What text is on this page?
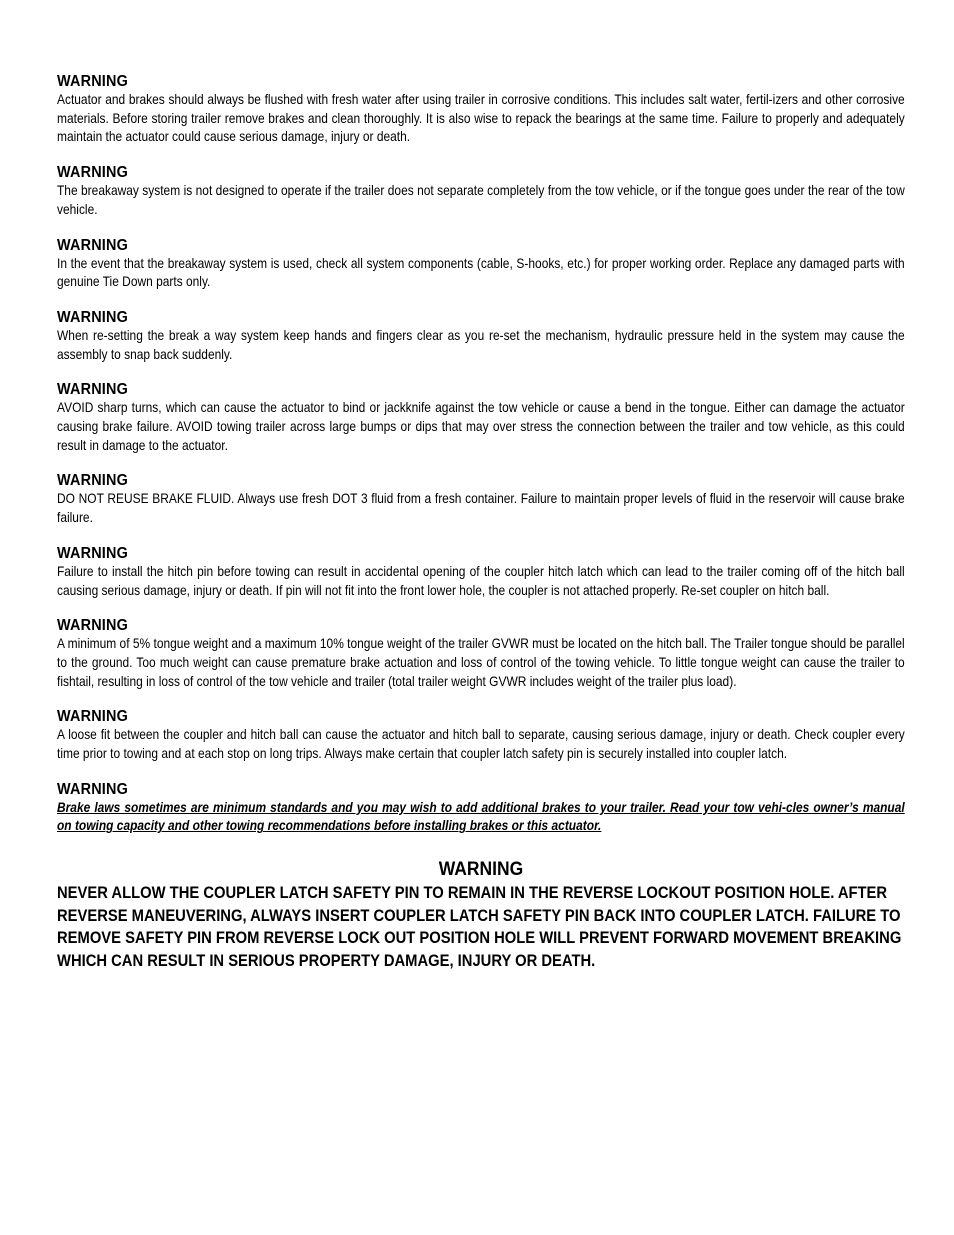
WARNING

Actuator and brakes should always be flushed with fresh water after using trailer in corrosive conditions. This includes salt water, fertil-izers and other corrosive materials. Before storing trailer remove brakes and clean thoroughly. It is also wise to repack the bearings at the same time. Failure to properly and adequately maintain the actuator could cause serious damage, injury or death.

WARNING

The breakaway system is not designed to operate if the trailer does not separate completely from the tow vehicle, or if the tongue goes under the rear of the tow vehicle.

WARNING

In the event that the breakaway system is used, check all system components (cable, S-hooks, etc.) for proper working order. Replace any damaged parts with genuine Tie Down parts only.

WARNING

When re-setting the break a way system keep hands and fingers clear as you re-set the mechanism, hydraulic pressure held in the system may cause the assembly to snap back suddenly.

WARNING

AVOID sharp turns, which can cause the actuator to bind or jackknife against the tow vehicle or cause a bend in the tongue. Either can damage the actuator causing brake failure. AVOID towing trailer across large bumps or dips that may over stress the connection between the trailer and tow vehicle, as this could result in damage to the actuator.

WARNING

DO NOT REUSE BRAKE FLUID. Always use fresh DOT 3 fluid from a fresh container. Failure to maintain proper levels of fluid in the reservoir will cause brake failure.

WARNING

Failure to install the hitch pin before towing can result in accidental opening of the coupler hitch latch which can lead to the trailer coming off of the hitch ball causing serious damage, injury or death. If pin will not fit into the front lower hole, the coupler is not attached properly. Re-set coupler on hitch ball.

WARNING

A minimum of 5% tongue weight and a maximum 10% tongue weight of the trailer GVWR must be located on the hitch ball. The Trailer tongue should be parallel to the ground. Too much weight can cause premature brake actuation and loss of control of the towing vehicle. To little tongue weight can cause the trailer to fishtail, resulting in loss of control of the tow vehicle and trailer (total trailer weight GVWR includes weight of the trailer plus load).

WARNING

A loose fit between the coupler and hitch ball can cause the actuator and hitch ball to separate, causing serious damage, injury or death. Check coupler every time prior to towing and at each stop on long trips. Always make certain that coupler latch safety pin is securely installed into coupler latch.

WARNING

Brake laws sometimes are minimum standards and you may wish to add additional brakes to your trailer. Read your tow vehi-cles owner’s manual on towing capacity and other towing recommendations before installing brakes or this actuator.

WARNING

NEVER ALLOW THE COUPLER LATCH SAFETY PIN TO REMAIN IN THE REVERSE LOCKOUT POSITION HOLE. AFTER REVERSE MANEUVERING, ALWAYS INSERT COUPLER LATCH SAFETY PIN BACK INTO COUPLER LATCH. FAILURE TO REMOVE SAFETY PIN FROM REVERSE LOCK OUT POSITION HOLE WILL PREVENT FORWARD MOVEMENT BREAKING WHICH CAN RESULT IN SERIOUS PROPERTY DAMAGE, INJURY OR DEATH.
